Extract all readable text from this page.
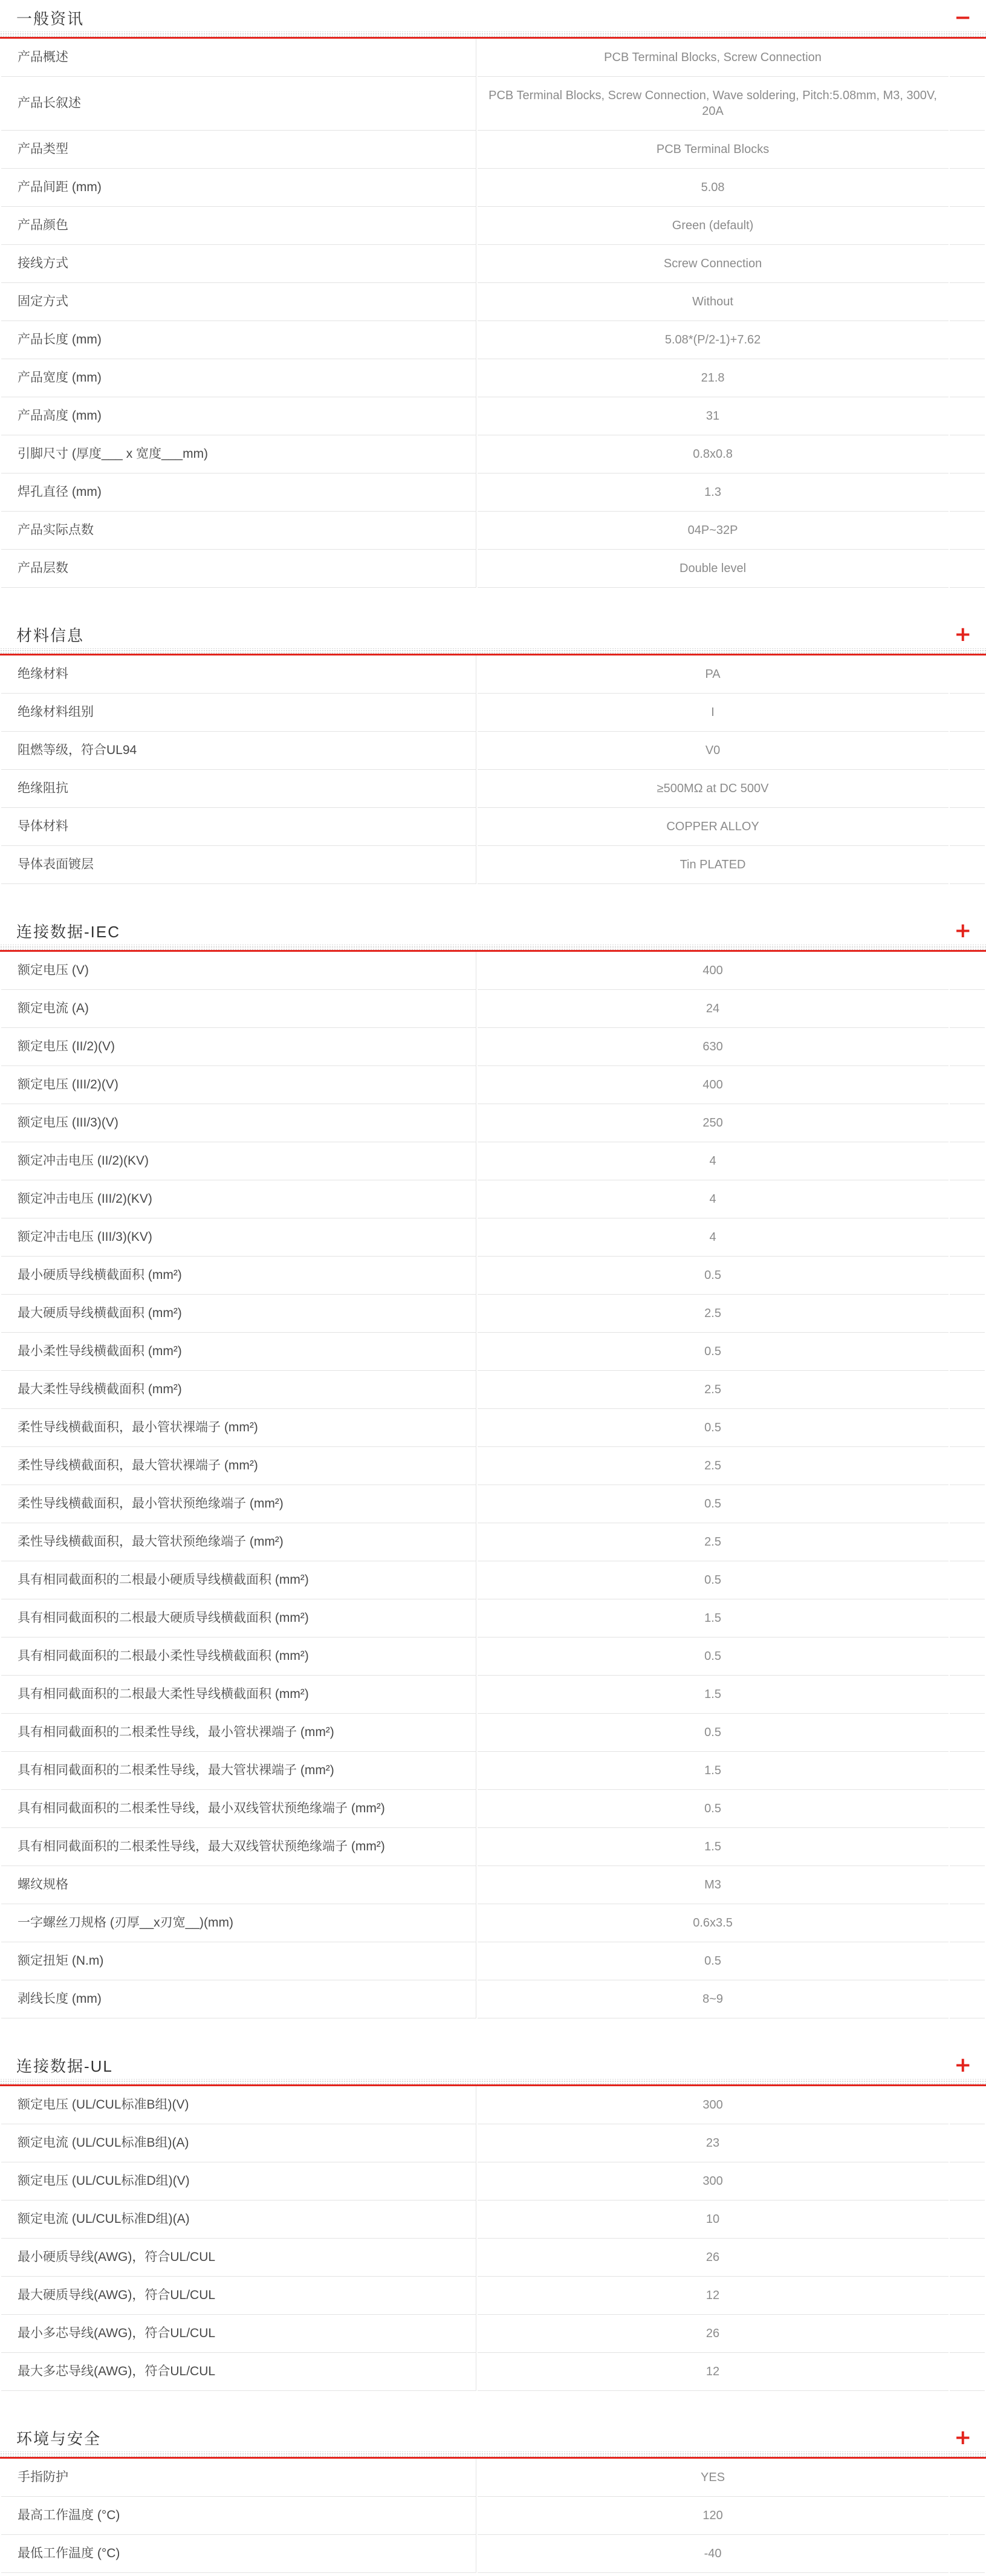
一般资讯	−
产品概述	PCB Terminal Blocks, Screw Connection	
产品长叙述	PCB Terminal Blocks, Screw Connection, Wave soldering, Pitch:5.08mm, M3, 300V, 20A	
产品类型	PCB Terminal Blocks	
产品间距 (mm)	5.08	
产品颜色	Green (default)	
接线方式	Screw Connection	
固定方式	Without	
产品长度 (mm)	5.08*(P/2-1)+7.62	
产品宽度 (mm)	21.8	
产品高度 (mm)	31	
引脚尺寸 (厚度___ x 宽度___mm)	0.8x0.8	
焊孔直径 (mm)	1.3	
产品实际点数	04P~32P	
产品层数	Double level	
材料信息	+
绝缘材料	PA	
绝缘材料组别	I	
阻燃等级，符合UL94	V0	
绝缘阻抗	≥500MΩ at DC 500V	
导体材料	COPPER ALLOY	
导体表面镀层	Tin PLATED	
连接数据-IEC	+
额定电压 (V)	400	
额定电流 (A)	24	
额定电压 (II/2)(V)	630	
额定电压 (III/2)(V)	400	
额定电压 (III/3)(V)	250	
额定冲击电压 (II/2)(KV)	4	
额定冲击电压 (III/2)(KV)	4	
额定冲击电压 (III/3)(KV)	4	
最小硬质导线横截面积 (mm²)	0.5	
最大硬质导线横截面积 (mm²)	2.5	
最小柔性导线横截面积 (mm²)	0.5	
最大柔性导线横截面积 (mm²)	2.5	
柔性导线横截面积，最小管状裸端子 (mm²)	0.5	
柔性导线横截面积，最大管状裸端子 (mm²)	2.5	
柔性导线横截面积，最小管状预绝缘端子 (mm²)	0.5	
柔性导线横截面积，最大管状预绝缘端子 (mm²)	2.5	
具有相同截面积的二根最小硬质导线横截面积 (mm²)	0.5	
具有相同截面积的二根最大硬质导线横截面积 (mm²)	1.5	
具有相同截面积的二根最小柔性导线横截面积 (mm²)	0.5	
具有相同截面积的二根最大柔性导线横截面积 (mm²)	1.5	
具有相同截面积的二根柔性导线，最小管状裸端子 (mm²)	0.5	
具有相同截面积的二根柔性导线，最大管状裸端子 (mm²)	1.5	
具有相同截面积的二根柔性导线，最小双线管状预绝缘端子 (mm²)	0.5	
具有相同截面积的二根柔性导线，最大双线管状预绝缘端子 (mm²)	1.5	
螺纹规格	M3	
一字螺丝刀规格 (刃厚__x刃宽__)(mm)	0.6x3.5	
额定扭矩 (N.m)	0.5	
剥线长度 (mm)	8~9	
连接数据-UL	+
额定电压 (UL/CUL标准B组)(V)	300	
额定电流 (UL/CUL标准B组)(A)	23	
额定电压 (UL/CUL标准D组)(V)	300	
额定电流 (UL/CUL标准D组)(A)	10	
最小硬质导线(AWG)，符合UL/CUL	26	
最大硬质导线(AWG)，符合UL/CUL	12	
最小多芯导线(AWG)，符合UL/CUL	26	
最大多芯导线(AWG)，符合UL/CUL	12	
环境与安全	+
手指防护	YES	
最高工作温度 (°C)	120	
最低工作温度 (°C)	-40	
